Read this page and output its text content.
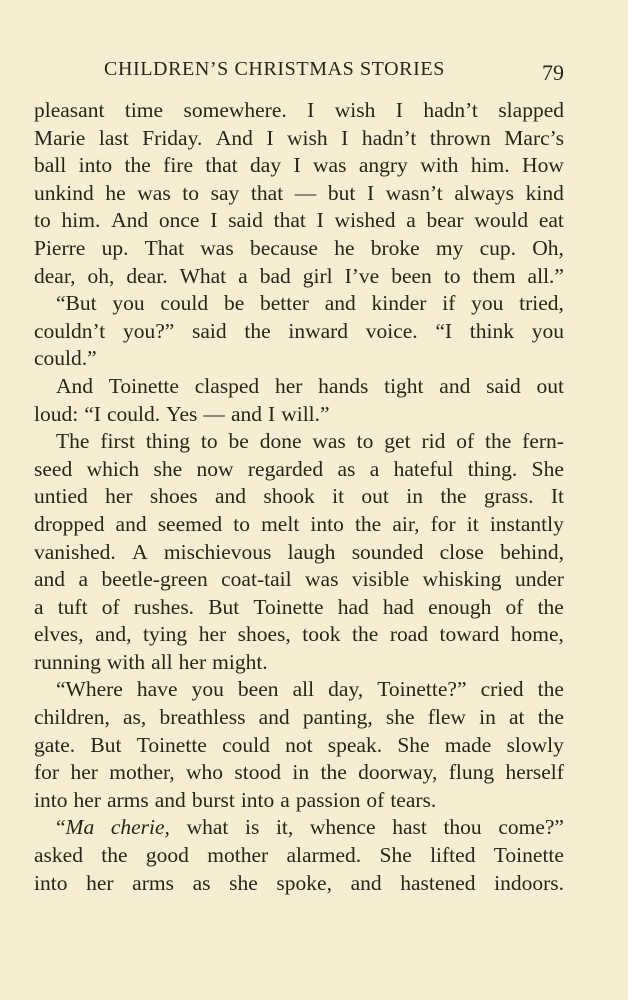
CHILDREN’S CHRISTMAS STORIES	79
pleasant time somewhere. I wish I hadn’t slapped
Marie last Friday. And I wish I hadn’t thrown Marc’s
ball into the fire that day I was angry with him. How
unkind he was to say that — but I wasn’t always kind
to him. And once I said that I wished a bear would eat
Pierre up. That was because he broke my cup. Oh,
dear, oh, dear. What a bad girl I’ve been to them all.”
“But you could be better and kinder if you tried,
couldn’t you?” said the inward voice. “I think you
could.”
And Toinette clasped her hands tight and said out
loud: “I could. Yes — and I will.”
The first thing to be done was to get rid of the fern-
seed which she now regarded as a hateful thing. She
untied her shoes and shook it out in the grass. It
dropped and seemed to melt into the air, for it instantly
vanished. A mischievous laugh sounded close behind,
and a beetle-green coat-tail was visible whisking under
a tuft of rushes. But Toinette had had enough of the
elves, and, tying her shoes, took the road toward home,
running with all her might.
“Where have you been all day, Toinette?” cried the
children, as, breathless and panting, she flew in at the
gate. But Toinette could not speak. She made slowly
for her mother, who stood in the doorway, flung herself
into her arms and burst into a passion of tears.
“Ma cherie, what is it, whence hast thou come?”
asked the good mother alarmed. She lifted Toinette
into her arms as she spoke, and hastened indoors.
